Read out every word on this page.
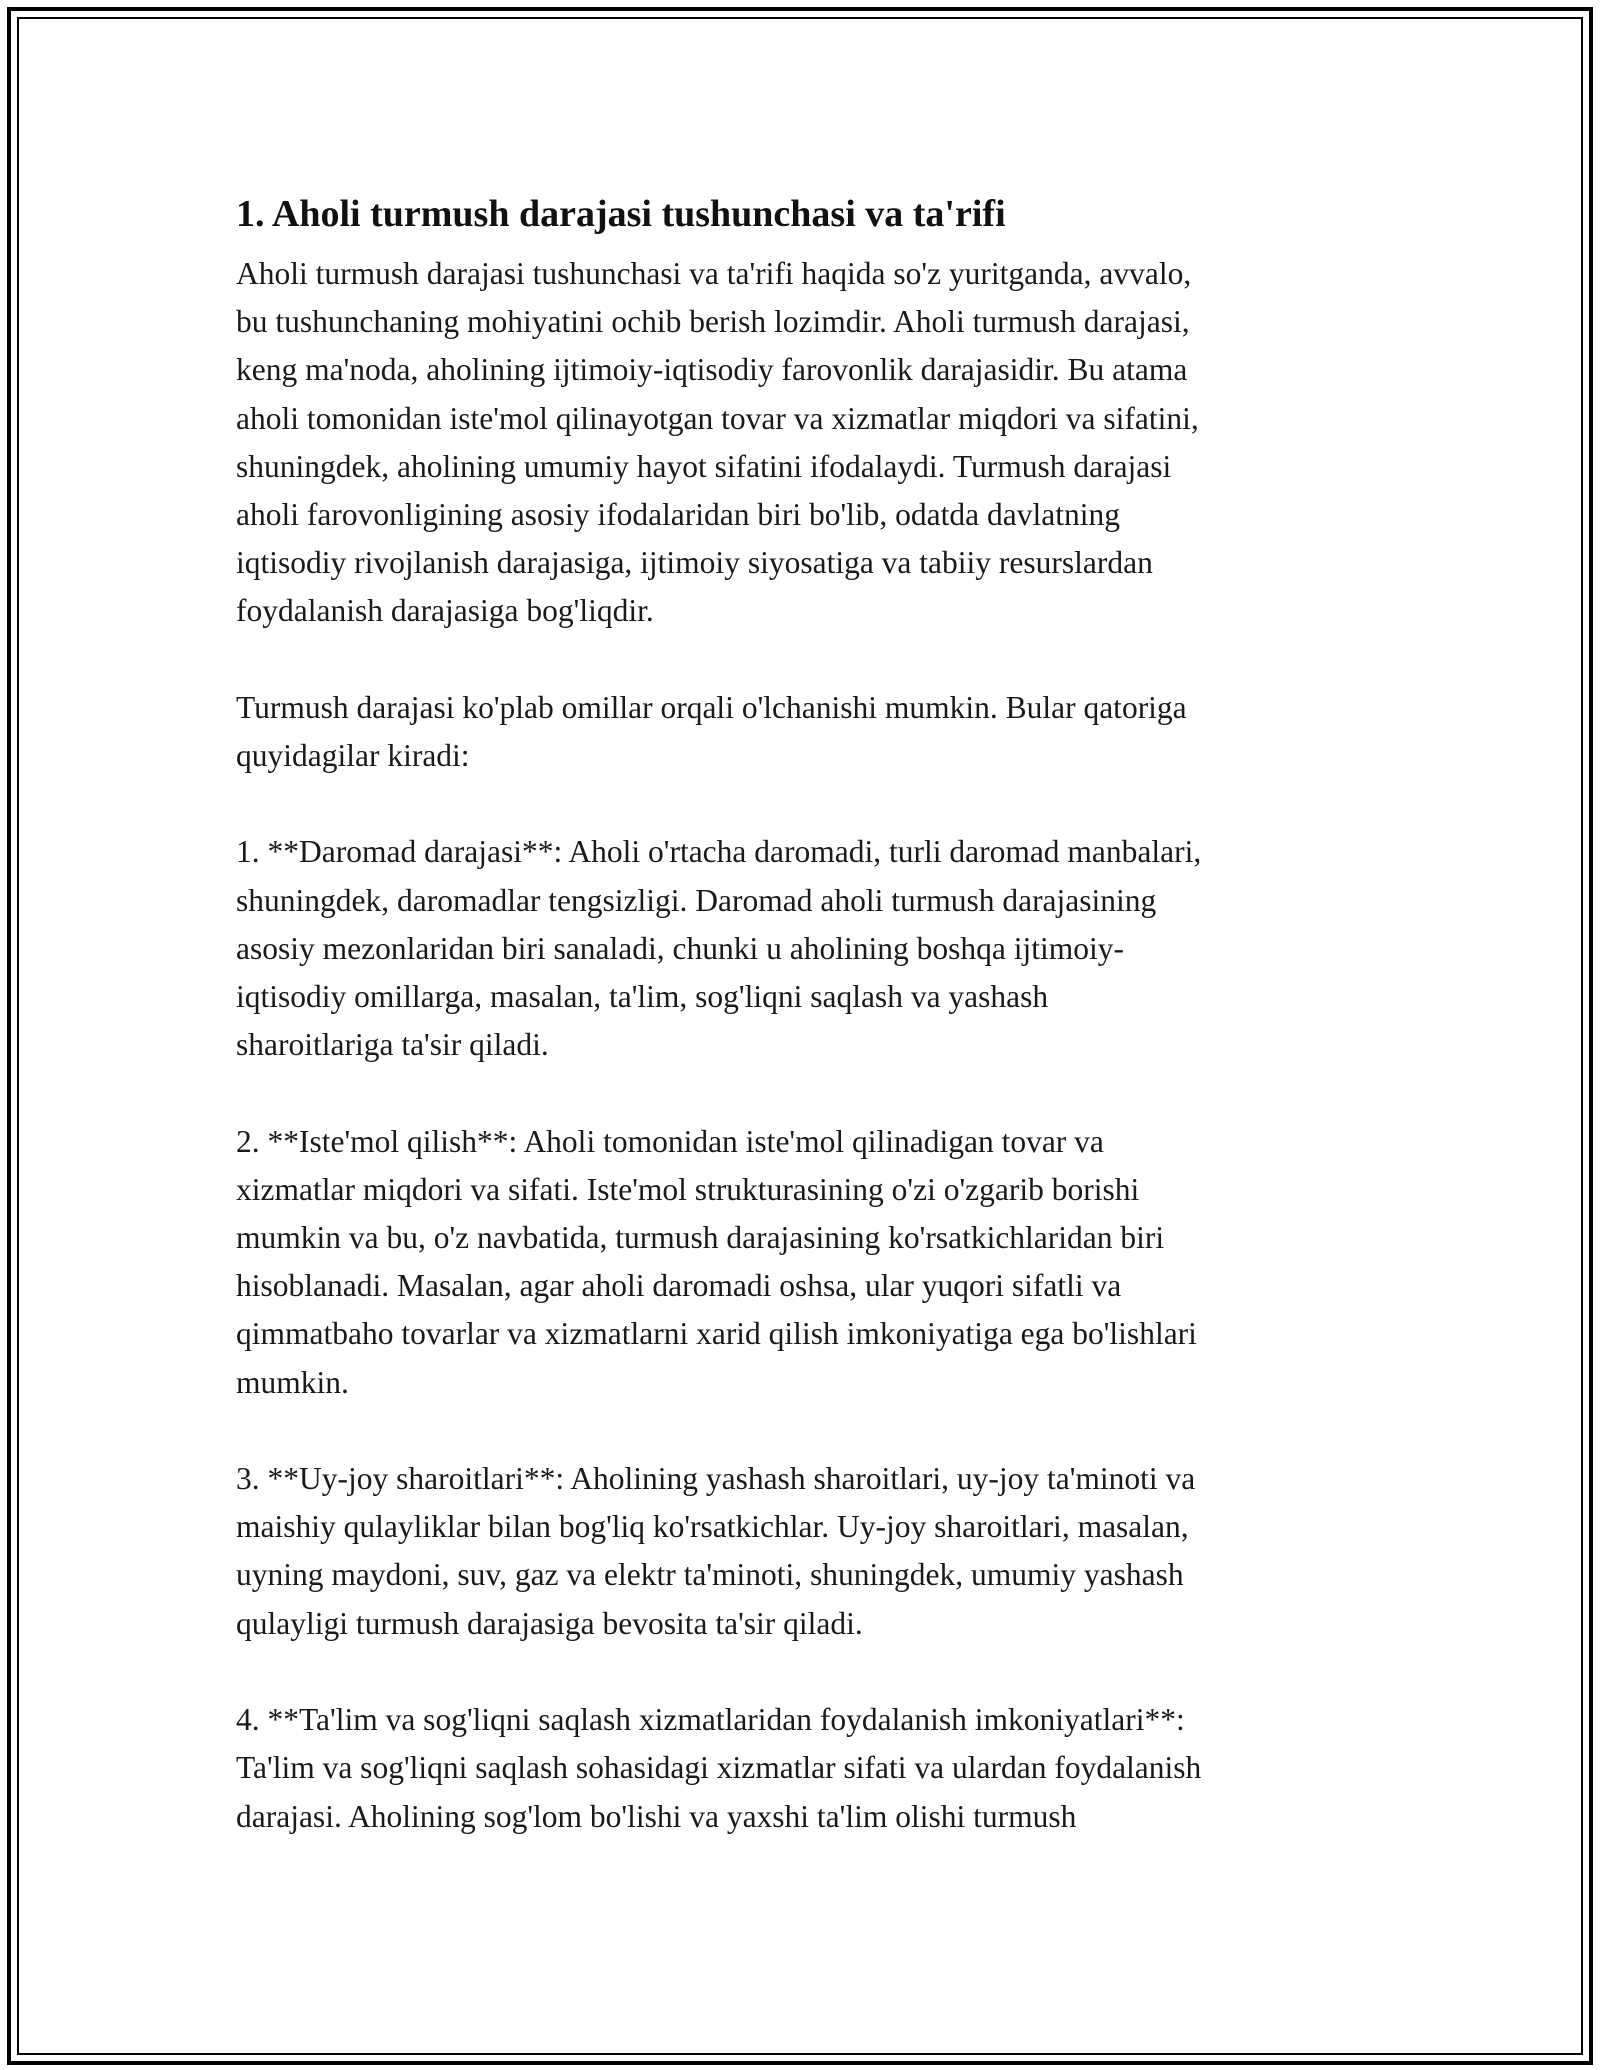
1. Aholi turmush darajasi tushunchasi va ta'rifi

Aholi turmush darajasi tushunchasi va ta'rifi haqida so'z yuritganda, avvalo,
bu tushunchaning mohiyatini ochib berish lozimdir. Aholi turmush darajasi,
keng ma'noda, aholining ijtimoiy-iqtisodiy farovonlik darajasidir. Bu atama
aholi tomonidan iste'mol qilinayotgan tovar va xizmatlar miqdori va sifatini,
shuningdek, aholining umumiy hayot sifatini ifodalaydi. Turmush darajasi
aholi farovonligining asosiy ifodalaridan biri bo'lib, odatda davlatning
iqtisodiy rivojlanish darajasiga, ijtimoiy siyosatiga va tabiiy resurslardan
foydalanish darajasiga bog'liqdir.

Turmush darajasi ko'plab omillar orqali o'lchanishi mumkin. Bular qatoriga
quyidagilar kiradi:

1. **Daromad darajasi**: Aholi o'rtacha daromadi, turli daromad manbalari,
shuningdek, daromadlar tengsizligi. Daromad aholi turmush darajasining
asosiy mezonlaridan biri sanaladi, chunki u aholining boshqa ijtimoiy-
iqtisodiy omillarga, masalan, ta'lim, sog'liqni saqlash va yashash
sharoitlariga ta'sir qiladi.

2. **Iste'mol qilish**: Aholi tomonidan iste'mol qilinadigan tovar va
xizmatlar miqdori va sifati. Iste'mol strukturasining o'zi o'zgarib borishi
mumkin va bu, o'z navbatida, turmush darajasining ko'rsatkichlaridan biri
hisoblanadi. Masalan, agar aholi daromadi oshsa, ular yuqori sifatli va
qimmatbaho tovarlar va xizmatlarni xarid qilish imkoniyatiga ega bo'lishlari
mumkin.

3. **Uy-joy sharoitlari**: Aholining yashash sharoitlari, uy-joy ta'minoti va
maishiy qulayliklar bilan bog'liq ko'rsatkichlar. Uy-joy sharoitlari, masalan,
uyning maydoni, suv, gaz va elektr ta'minoti, shuningdek, umumiy yashash
qulayligi turmush darajasiga bevosita ta'sir qiladi.

4. **Ta'lim va sog'liqni saqlash xizmatlaridan foydalanish imkoniyatlari**:
Ta'lim va sog'liqni saqlash sohasidagi xizmatlar sifati va ulardan foydalanish
darajasi. Aholining sog'lom bo'lishi va yaxshi ta'lim olishi turmush
